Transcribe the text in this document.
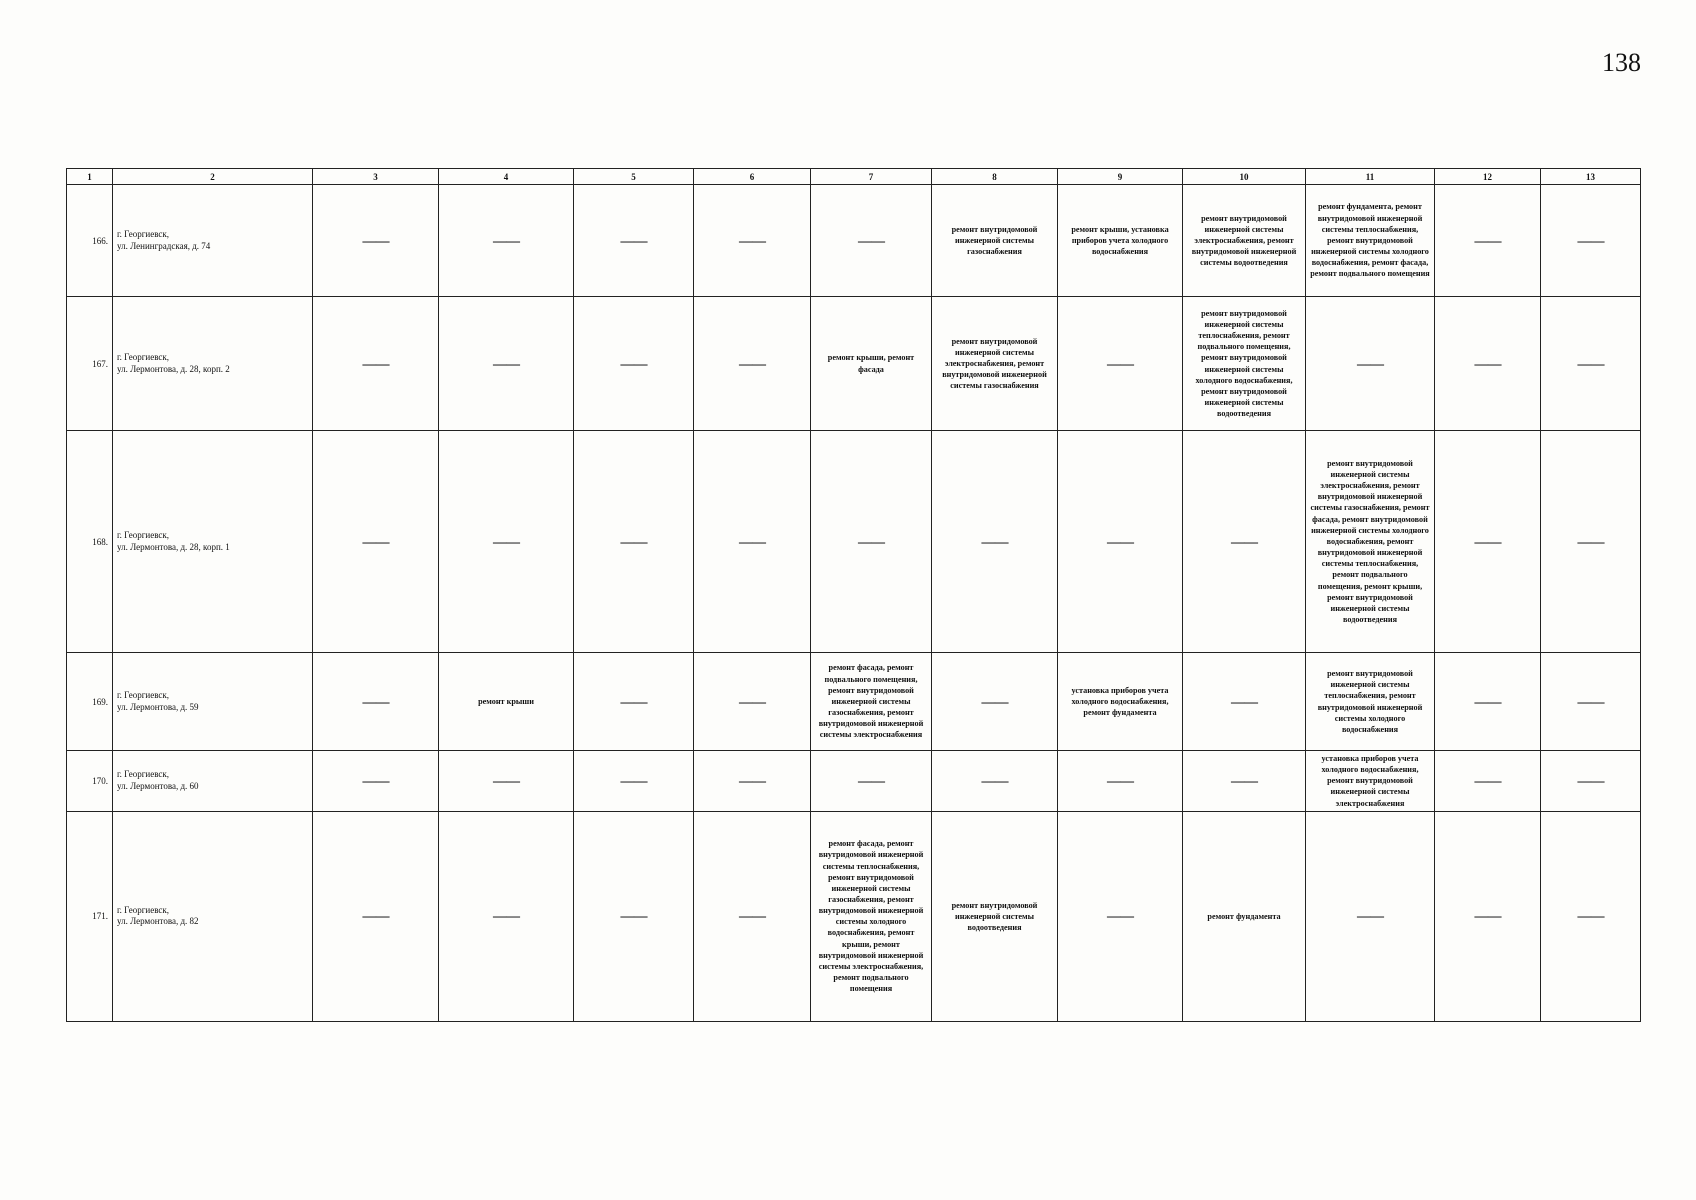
138
1	2	3	4	5	6	7	8	9	10	11	12	13
166.	г. Георгиевск,
ул. Ленинградская, д. 74	——	——	——	——	——	ремонт внутридомовой инженерной системы газоснабжения	ремонт крыши, установка приборов учета холодного водоснабжения	ремонт внутридомовой инженерной системы электроснабжения, ремонт внутридомовой инженерной системы водоотведения	ремонт фундамента, ремонт внутридомовой инженерной системы теплоснабжения, ремонт внутридомовой инженерной системы холодного водоснабжения, ремонт фасада, ремонт подвального помещения	——	——
167.	г. Георгиевск,
ул. Лермонтова, д. 28, корп. 2	——	——	——	——	ремонт крыши, ремонт фасада	ремонт внутридомовой инженерной системы электроснабжения, ремонт внутридомовой инженерной системы газоснабжения	——	ремонт внутридомовой инженерной системы теплоснабжения, ремонт подвального помещения, ремонт внутридомовой инженерной системы холодного водоснабжения, ремонт внутридомовой инженерной системы водоотведения	——	——	——
168.	г. Георгиевск,
ул. Лермонтова, д. 28, корп. 1	——	——	——	——	——	——	——	——	ремонт внутридомовой инженерной системы электроснабжения, ремонт внутридомовой инженерной системы газоснабжения, ремонт фасада, ремонт внутридомовой инженерной системы холодного водоснабжения, ремонт внутридомовой инженерной системы теплоснабжения, ремонт подвального помещения, ремонт крыши, ремонт внутридомовой инженерной системы водоотведения	——	——
169.	г. Георгиевск,
ул. Лермонтова, д. 59	——	ремонт крыши	——	——	ремонт фасада, ремонт подвального помещения, ремонт внутридомовой инженерной системы газоснабжения, ремонт внутридомовой инженерной системы электроснабжения	——	установка приборов учета холодного водоснабжения, ремонт фундамента	——	ремонт внутридомовой инженерной системы теплоснабжения, ремонт внутридомовой инженерной системы холодного водоснабжения	——	——
170.	г. Георгиевск,
ул. Лермонтова, д. 60	——	——	——	——	——	——	——	——	установка приборов учета холодного водоснабжения, ремонт внутридомовой инженерной системы электроснабжения	——	——
171.	г. Георгиевск,
ул. Лермонтова, д. 82	——	——	——	——	ремонт фасада, ремонт внутридомовой инженерной системы теплоснабжения, ремонт внутридомовой инженерной системы газоснабжения, ремонт внутридомовой инженерной системы холодного водоснабжения, ремонт крыши, ремонт внутридомовой инженерной системы электроснабжения, ремонт подвального помещения	ремонт внутридомовой инженерной системы водоотведения	——	ремонт фундамента	——	——	——
